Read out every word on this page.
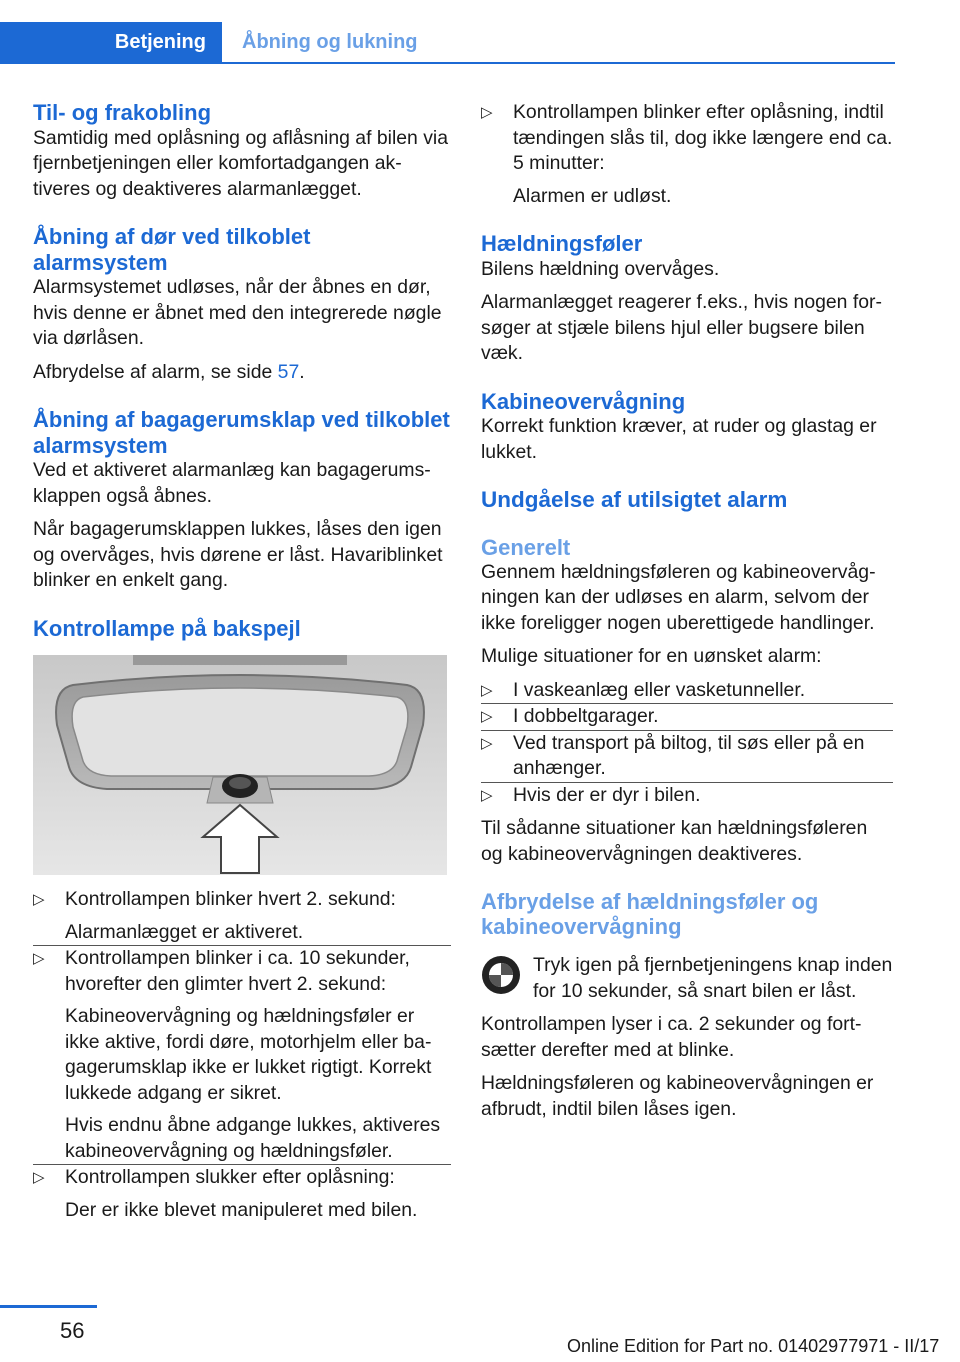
Betjening Åbning og lukning
Til- og frakobling

Samtidig med oplåsning og aflåsning af bilen via fjernbetjeningen eller komfortadgangen aktiveres og deaktiveres alarmanlægget.

Åbning af dør ved tilkoblet alarmsystem

Alarmsystemet udløses, når der åbnes en dør, hvis denne er åbnet med den integrerede nøgle via dørlåsen.

Afbrydelse af alarm, se side 57.

Åbning af bagagerumsklap ved tilkoblet alarmsystem

Ved et aktiveret alarmanlæg kan bagagerumsklappen også åbnes.

Når bagagerumsklappen lukkes, låses den igen og overvåges, hvis dørene er låst. Havariblinket blinker en enkelt gang.

Kontrollampe på bakspejl
▷ Kontrollampen blinker hvert 2. sekund:

Alarmanlægget er aktiveret.

▷ Kontrollampen blinker i ca. 10 sekunder, hvorefter den glimter hvert 2. sekund:

Kabineovervågning og hældningsføler er ikke aktive, fordi døre, motorhjelm eller bagagerumsklap ikke er lukket rigtigt. Korrekt lukkede adgang er sikret.

Hvis endnu åbne adgange lukkes, aktiveres kabineovervågning og hældningsføler.

▷ Kontrollampen slukker efter oplåsning:

Der er ikke blevet manipuleret med bilen.

▷ Kontrollampen blinker efter oplåsning, indtil tændingen slås til, dog ikke længere end ca. 5 minutter:

Alarmen er udløst.

Hældningsføler

Bilens hældning overvåges.

Alarmanlægget reagerer f.eks., hvis nogen forsøger at stjæle bilens hjul eller bugsere bilen væk.

Kabineovervågning

Korrekt funktion kræver, at ruder og glastag er lukket.

Undgåelse af utilsigtet alarm
Generelt

Gennem hældningsføleren og kabineovervågningen kan der udløses en alarm, selvom der ikke foreligger nogen uberettigede handlinger.

Mulige situationer for en uønsket alarm:

▷ I vaskeanlæg eller vasketunneller.

▷ I dobbeltgarager.

▷ Ved transport på biltog, til søs eller på en anhænger.

▷ Hvis der er dyr i bilen.

Til sådanne situationer kan hældningsføleren og kabineovervågningen deaktiveres.

Afbrydelse af hældningsføler og kabineovervågning

Tryk igen på fjernbetjeningens knap inden for 10 sekunder, så snart bilen er låst.

Kontrollampen lyser i ca. 2 sekunder og fortsætter derefter med at blinke.

Hældningsføleren og kabineovervågningen er afbrudt, indtil bilen låses igen.

56
Online Edition for Part no. 01402977971 - II/17
